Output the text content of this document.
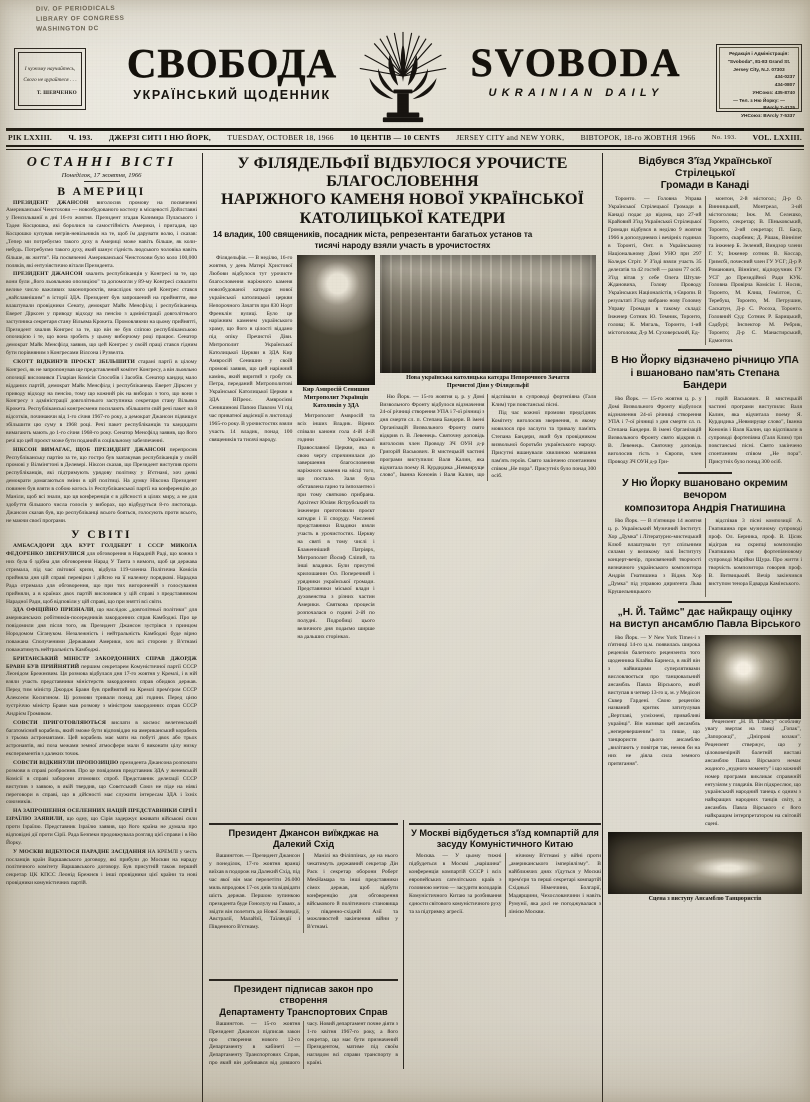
DIV. OF PERIODICALS
LIBRARY OF CONGRESS
WASHINGTON DC
І чужому научайтесь,
Свого не цурайтеся . . .
Т. ШЕВЧЕНКО
СВОБОДА
УКРАЇНСЬКИЙ ЩОДЕННИК
SVOBODA
UKRAINIAN DAILY
Редакція і Адміністрація:
"Svoboda", 81-83 Grand St.
Jersey City, N.J. 07303
434-0237
434-0807
УНСоюз: 435-8740
— Тел. з Ню Йорку: —
BArcly 7-4125
УНСоюз: BArcly 7-5337
РІК LXXIII. Ч. 193. ДЖЕРЗІ СИТІ І НЮ ЙОРК, TUESDAY, OCTOBER 18, 1966 10 ЦЕНТІВ — 10 CENTS JERSEY CITY and NEW YORK, ВІВТОРОК, 18-го ЖОВТНЯ 1966 No. 193. VOL. LXXIII.
ОСТАННІ ВІСТІ
Понеділок, 17 жовтня, 1966
В АМЕРИЦІ

ПРЕЗИДЕНТ ДЖАНСОН виголосив промову на посвяченні Американської Ченстохови — новозбудованого костелу в місцевості Дойлставні у Пенсильванії в дні 16-го жовтня. Президент згадав Казимира Пуласького і Тадея Косцюшка, які боролися за самостійність Америки, і пригадав, що Косцюшко купував негрів-невільників на те, щоб їм дарувати волю, і сказав: „Тепер ми потребуємо такого духу в Америці може навіть більше, як коли-небудь. Потребуємо такого духу, який шанує гідність людського чоловіка навіть більше, як життя". На посвяченні Американської Ченстохови було коло 100,000 поляків, які ентузіястично вітали Президента.

ПРЕЗИДЕНТ ДЖАНСОН хвалить республіканців у Конгресі за те, що вони були „його льояльною опозицією" та допомогли у 89-му Конгресі схвалити велике число важливих законопроєктів, внаслідок чого цей Конгрес стався „найславнішим" в історії ЗДА. Президент був запрошений на прийняття, яке влаштували провідники Сенату, демократ Майк Менсфілд і республіканець Еверет Дірксен у приводу відходу на пенсію з адміністрації довголітнього заступника секретаря стану Вільяма Крокета. Промовляючи на цьому прийнятті, Президент хвалив Конгрес за те, що він не був сліпою республіканською опозицією і те, що вона зробить у цьому виборчому році працює. Сенатор демократ Майк Менсфілд заявив, що цей Конгрес у своїй праці стався гідним бути порівняним з Конгресами Вілсона і Рузвелта.

СКОТТ ВІДКИНУВ ПРОЄКТ ЗБІЛЬШИТИ старані партії в цілому Конгресі, як не запропонував ще представлений комітет Конгресу, а він льояльно опозиції висловився Гіларіан Комісія Способів і Засобів. Сенатор кандид мало відданих партій, демократ Майк Менсфілд і республіканець Еверет Дірксен у приводу відходу на пенсію, тому що кожний рік на виборах з того, що вони з Конгресу з адміністрації довголітнього заступника секретаря стану Вільяма Крокета. Республіканські конгресмени посилають збільшити свій речі пакет на 8 відсотків, починаючи від 1-го січня 1967-го року, а демократ Джансон підвищує збільшити цю суму в 1968 році. Речі пакет республіканців та кандидати вимагають мають до 1-го січня 1968-го року. Сенатор Менсфілд заявив, що його речі що цей проєкт може бути поданий в соціяльному забезпеченні.

НІКСОН ВИМАГАЄ, ЩОБ ПРЕЗИДЕНТ ДЖАНСОН перепросив Республіканську партію за те, що гостро був заатакував республіканців у своїй промові у Вілмінгтоні в Делевері. Ніксон сказав, що Президент виступив проти республіканців, які підтримують урядову політику у В'єтнамі, хоч деякі демократи домагаються зміни в цій політиці. На думку Ніксона Президент повинен був взяти в собою когось із Республіканської партії на конференцію до Маніли, щоб всі знали, що ця конференція є в дійсності в цілях миру, а не для здобуття більшого числа голосів у виборах, що відбудуться 8-го листопада. Джансон сказав був, що республіканці всього бояться, голосують проти всього, не маючи своєї програми.

У СВІТІ

АМБАСАДОРИ ЗДА КУРТ ГОЛДБЕРГ І СССР МИКОЛА ФЕДОРЕНКО ЗВЕРНУЛИСЯ для обговорення в Нарадній Раді, що кожна з них була б здібна для обговорення Нарад У Танта з вимоги, щоб ця держава стримала, під час світової кризи, відбула 119-членна Політична Комісія прийняла дня цій справі перевірки і дійсно на її належну порядкові. Нарадна Рада отримала для обговорення, що при тих вигороненій з голосування прийняли, а в країнах двох партій висловився у цій справі з представником Нарадної Ради, щоб відповіли у цій справі, що при знятті всі світи.

ЗДА ОФІЦІЙНО ПРИЗНАЛИ, що наслідок „довголітньої політики" для американських робітників-посередників закордонних справ Камбоджі. Про це повідомили дня після того, як Президент Джансон зустрівся з принцом Нородомом Сігануком. Незалежність і нейтральність Камбоджі буде вірно поважана Сполученими Державами Америки, хоч всі сторони у В'єтнамі поважатимуть нейтральність Камбоджі.

БРИТАНСЬКИЙ МІНІСТР ЗАКОРДОННИХ СПРАВ ДЖОРДЖ БРАВН БУВ ПРИЙНЯТИЙ першим секретарем Комуністичної партії СССР Леонідом Брежнєвим. Ця розмова відбулася дня 17-го жовтня у Кремлі, і в ній взяли участь представники міністерств закордонних справ обидвох держав. Перед тим міністр Джордж Бравн був прийнятий на Кремлі прем'єром СССР Алексеєм Косигином. Ці розмови тривали понад дві години. Перед цією зустріччю міністр Бравн мав розмову з міністром закордонних справ СССР Андрієм Громиком.

СОВЄТИ ПРИГОТОВЛЯЮТЬСЯ вислати в космос велетенський багатомісний корабель, який зможе бути відповіддю на американський корабель з трьома астронавтами. Цей корабель має мати на побуті двох або трьох астронавтів, які поза межами земної атмосфери мали б виконати цілу низку експериментів з далеких точок.

СОВЄТИ ВІДКИНУЛИ ПРОПОЗИЦІЮ президента Джансона розпочати розмови в справі розброєння. Про це повідомив представник ЗДА у женевській Комісії в справі заборони атомових спроб. Представник делеґації СССР виступив з заявою, в якій твердив, що Совєтський Союз не піде на ніякі переговори в справі, що в дійсності має служити інтересам ЗДА і їхніх союзників.

НА ЗАПРОШЕННЯ ОСЕЛЕННИХ НАЦІЙ ПРЕДСТАВНИКИ СІРІЇ І ІЗРАЇЛЮ ЗАЯВИЛИ, що одну, що Сірія задержує вживати військові сили проти Ізраїлю. Представник Ізраїлю заявив, що його країна не думала про відповідні дії проти Сірії. Рада Безпеки продовжувала розгляд цієї справи і в Ню Йорку.

У МОСКВІ ВІДБУЛОСЯ ПАРАДНЕ ЗАСІДАННЯ НА КРЕМЛІ у честь посланців країн Варшавського договору, які прибули до Москви на нараду політичного комітету Варшавського договору. Був присутній також перший секретар ЦК КПСС Леонід Брежнєв і інші провідники цієї країни та нові провідники комуністичних партій.

У ФІЛЯДЕЛЬФІЇ ВІДБУЛОСЯ УРОЧИСТЕ БЛАГОСЛОВЕННЯ
НАРІЖНОГО КАМЕНЯ НОВОЇ УКРАЇНСЬКОЇ
КАТОЛИЦЬКОЇ КАТЕДРИ
14 владик, 100 священиків, посадник міста, репрезентанти багатьох установ та
тисячі народу взяли участь в урочистостях

Філядельфія. — В неділю, 16-го жовтня, у день Матері Христової Любови відбулося тут урочисте благословення наріжного каменя новозбудованої катедри нової української католицької церкви Непорочного Зачаття при 830 Норт Френклін вулиці. Було це наріжним каменем українського храму, що його в цілості віддано під опіку Пречистої Діви. Митрополит Української Католицької Церкви в ЗДА Кир Амвросій Сенишин у своїй промові заявив, що цей наріжний камінь, який виритий з гробу св. Петра, переданий Митрополитові Української Католицької Церкви в ЗДА ВПреос. Амвросієві Сенишинові Папою Павлом VI під час приватної авдієнції в листопаді 1965-го року. В урочистостях взяли участь 14 владик, понад 100 священиків та тисячі народу.

Кир Амвросій Сенишин
Митрополит Українців
Католиків у ЗДА

Митрополит Амвросій та всіх інших Владик. Вірних співали канони гола 4-ій 4-ій години Української Православної Церкви, яка в свою чергу спричинилася до завершення благословення наріжного каменя на місці того, що постало. Заля була обставлена гарно та імпозантно і при тому святково прибрана. Архітект Юліян Яструбський та інженери приготовили проєкт катедри і її споруду. Численні представники Владики взяли участь в урочистостях. Церкву на святі в тому числі і Блаженніший Патріярх, Митрополит Йосиф Сліпий, та інші владики. Були присутні крилошанин Ол. Поперечний і урядники української громади. Представники міської влади і духовенства з різних частин Америки. Святкова процесія розпочалася о годині 2-ій по полудні. Подробиці цього величного дня подаємо ширше на дальших сторінках.

Нова українська католицька катедра Непорочного Зачаття
Пречистої Діви у Філядельфії

Ню Йорк. — 15-го жовтня ц. р. у Домі Визвольного Фронту відбулося відзначення 24-ої річниці створення УПА і 7-ої річниці з дня смерти сл. п. Степана Бандери. В імені Організацій Визвольного Фронту свято відкрив п. В. Левенець. Святочну доповідь виголосив член Проводу ЗЧ ОУН д-р Гриrорій Васькович. В мистецькій частині програми виступили: Валя Калин, яка відчитала поему Я. Курдидика „Невмируще слово", Іванна Кононів і Валя Калин, що відспівали в супроводі фортепіяна (Галя Клим) три повстанські пісні.

Під час кожної промови предсідник Комітету виголосив звернення, в якому мовилося про заслуги та тривалу пам'ять Степана Бандери, який був провідником визвольної боротьби українського народу. Присутні вшанували хвилиною мовчання пам'ять героїв. Свято закінчено спонтанним співом „Не пора". Присутніх було понад 300 осіб.

Відбувся З'їзд Української Стрілецької
Громади в Канаді

Торонто. — Головна Управа Української Стрілецької Громади в Канаді подає до відома, що 27-ий Крайовий З'їзд Української Стрілецької Громади відбувся в неділю 9 жовтня 1966 в дополудневих і вечірніх годинах в Торонті, Онт. в Українському Національному Домі УНО при 297 Коледж Стріт. У З'їзді взяли участь 35 делеґатів та 42 гостей — разом 77 осіб. З'їзд вітав у себе Олега Штуля-Ждановича, Голову Проводу Українських Націоналістів, з Європи. В результаті З'їзду вибрано нову Головну Управу Громади в такому складі: Інженер Сотник Ю. Темник, Торонто, голова; К. Мигаль, Торонто, 1-ий містоголова; Д-р М. Суховерський, Ед-

монтон, 2-й містогол.; Д-р О. Винницький, Монтреал, 3-ий містоголова; Інж. М. Селешко, Торонто, секретар; В. Піньковський, Торонто, 2-ий секретар; П. Баср, Торонто, скарбник; Д. Рішак, Вінніпеґ та інженер Б. Зелений, Виндзор члени Г. У.; Інженер сотник В. Коссар, Гримсбі, почесний член ГУ УСГ; Д-р Р. Романович, Вінніпеґ, відпоручник ГУ УСГ до Президійної Ради КУК. Головна Провірча Комісія: І. Носик, Торонто, М. Клиш, Гемілтон, С. Теребуш, Торонто, М. Петрушин, Саскатун, Д-р С. Росоха, Торонто. Головний Суд: Сотник Р. Барицький, Садбурі; Інспектор М. Ребрик, Торонто; Д-р С. Манастирський, Едмонтон.

В Ню Йорку відзначено річницю УПА
і вшановано пам'ять Степана Бандери

Ню Йорк. — 15-го жовтня ц. р. у Домі Визвольного Фронту відбулося відзначення 24-ої річниці створення УПА і 7-ої річниці з дня смерти сл. п. Степана Бандери. В імені Організацій Визвольного Фронту свято відкрив п. В. Левенець. Святочну доповідь виголосив гість з Європи, член Проводу ЗЧ ОУН д-р Гри-

горій Васькович. В мистецькій частині програми виступили: Валя Калин, яка відчитала поему Я. Курдидика „Невмируще слово", Іванна Кононів і Валя Калин, що відспівали в супроводі фортепіяна (Галя Клим) три повстанські пісні. Свято закінчено спонтанним співом „Не пора". Присутніх було понад 300 осіб.

У Ню Йорку вшановано окремим вечором
композитора Андрія Гнатишина

Ню Йорк. — В п'ятницю 14 жовтня ц. р. Український Музичний Інститут. Хор „Думка" і Літературно-мистецький Клюб влаштували тут спільними силами у великому залі Інституту концерт-вечір, присвячений творчості визначного українського композитора Андрія Гнатишина з Відня. Хор „Думка" під управою дириґента Льва Крушельницького

відспівав 3 пісні композиції А. Гнатишина при музичному супроводі проф. Ол. Берника, проф. В. Цісик відіграв на скрипці композицію Гнатишина при фортепіяновому супроводі Марійки Щура. Про життя і творчість композитора говорив проф. В. Витвицький. Вечір закінчився виступом тенора Едварда Камінського.

„Н. Й. Таймс" дає найкращу оцінку
на виступ ансамблю Павла Вірського

Ню Йорк. — У New York Times-і з п'ятниці 14-го ц.м. появилась широка рецензія балетного рецензента того щоденника Клайва Барнеса, в якій він з найвищими суперлятивами висловлюється про танцювальний ансамбль Павла Вірського, який виступав в четвер 13-го ц. м. у Медісон Сквер Гардені. Свою рецензію названий критик затитулував „Вертлаві, усміхнені, привабливі українці". Він називає цей ансамбль „неперевершеним" та пише, що танцюристи цього ансамблю „вилітають у повітря так, немов би на них не діяла сила земного притягання".

Рецензент „Н. Й. Таймсу" особливу увагу звертає на танці „Гопак", „Запорожці", „Дніпрові козаки". Рецензент ствержує, що у цілововечірній балетній виставі ансамблю Павла Вірського немає жодного „нудного моменту" і що кожний номер програми викликає справжній ентузіязм у глядачів. Він підкреслює, що український народний танець є одним з найкращих народних танців світу, а ансамбль Павла Вірського є його найкращим інтерпретатором на світовій сцені.

Сцена з виступу Ансамблю Танцюристів
Президент Джансон виїжджає на
Далекий Схід

Вашингтон. — Президент Джансон у понеділок, 17-го жовтня вранці виїхав в подорож на Далекий Схід, під час якої він має перелетіти 26.000 миль впродовж 17-ох днів та відвідати шість держав. Першою зупинкою президента буде Гонолулу на Гаваях, а звідти він полетить до Нової Зеляндії, Австралії, Малайзії, Таїляндії і Південного В'єтнаму.

Манілі на Філіппінах, де на нього чекатимуть державний секретар Дін Раск і секретар оборони Роберт МекНамара та інші представники сімох держав, щоб відбути конференцію для обговорення військового й політичного становища у південно-східній Азії та можливостей закінчення війни у В'єтнамі.

Президент підписав закон про створення
Департаменту Транспортових Справ

Вашингтон. — 15-го жовтня Президент Джансон підписав закон про створення нового 12-го Департаменту в кабінеті — Департаменту Транспортових Справ, про який він добивався від довшого часу. Новий департамент почне діяти з 1-го квітня 1967-го року, а його секретар, що має бути призначений Президентом, матиме під своїм наглядом всі справи транспорту в країні.

У Москві відбудеться з'їзд компартій для
засуду Комуністичного Китаю

Москва. — У цьому тижні підбудеться в Москві „нарішина" конференція компартій СССР і всіх европейських сателітських країв з головною метою — засудити володарів Комуністичного Китаю за розбивання єдности світового комуністичного руху та за підтримку агресії.

нічному В'єтнамі у війні проти „американського імперіялізму". В найближчих днях з'їдуться у Москві прем'єри та перші секретарі компартій Східньої Німеччини, Болгарії, Мадярщини, Чехословаччини і навіть Румунії, яка досі не погоджувалася з лінією Москви.
